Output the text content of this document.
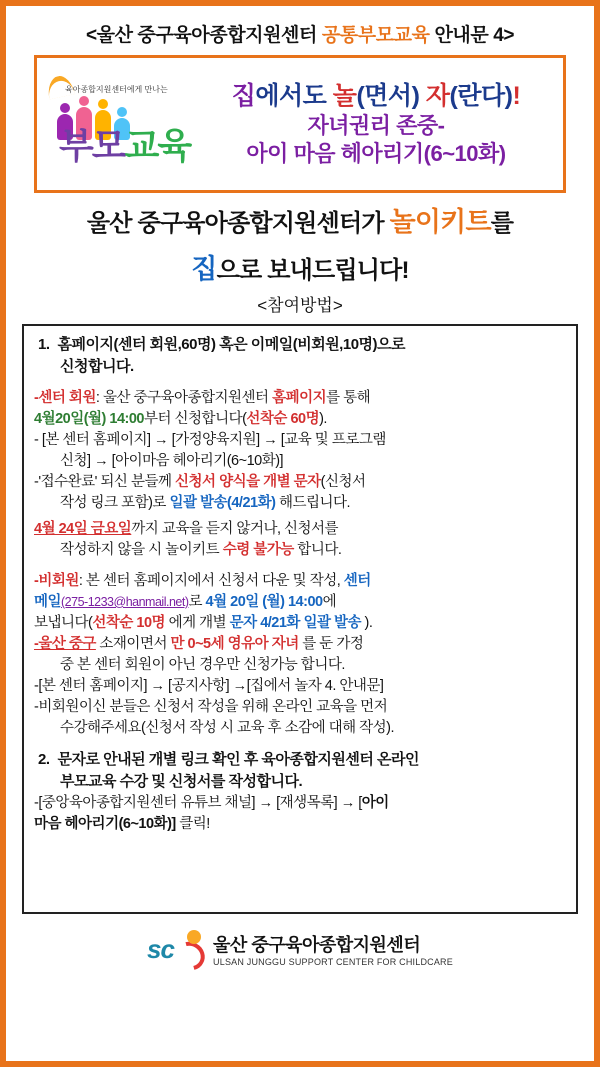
<울산 중구육아종합지원센터 공통부모교육 안내문 4>
육아종합지원센터에게 만나는
부모교육
집에서도 놀(면서) 자(란다)!
자녀권리 존중-
아이 마음 헤아리기(6~10화)
울산 중구육아종합지원센터가 놀이키트를
집으로 보내드립니다!
<참여방법>
1. 홈페이지(센터 회원,60명) 혹은 이메일(비회원,10명)으로
신청합니다.
-센터 회원: 울산 중구육아종합지원센터 홈페이지를 통해
4월20일(월) 14:00부터 신청합니다(선착순 60명).
- [본 센터 홈페이지] → [가정양육지원] → [교육 및 프로그램
신청] → [아이마음 헤아리기(6~10화)]
-'접수완료' 되신 분들께 신청서 양식을 개별 문자(신청서
작성 링크 포함)로 일괄 발송(4/21화) 해드립니다.
4월 24일 금요일까지 교육을 듣지 않거나, 신청서를
작성하지 않을 시 놀이키트 수령 불가능 합니다.
-비회원: 본 센터 홈페이지에서 신청서 다운 및 작성, 센터
메일(275-1233@hanmail.net)로 4월 20일 (월) 14:00에
보냅니다(선착순 10명 에게 개별 문자 4/21화 일괄 발송 ).
-울산 중구 소재이면서 만 0~5세 영유아 자녀 를 둔 가정
중 본 센터 회원이 아닌 경우만 신청가능 합니다.
-[본 센터 홈페이지] → [공지사항] →[집에서 놀자 4. 안내문]
-비회원이신 분들은 신청서 작성을 위해 온라인 교육을 먼저
수강해주세요(신청서 작성 시 교육 후 소감에 대해 작성).
2. 문자로 안내된 개별 링크 확인 후 육아종합지원센터 온라인
부모교육 수강 및 신청서를 작성합니다.
-[중앙육아종합지원센터 유튜브 채널] → [재생목록] → [아이
마음 헤아리기(6~10화)] 클릭!
sc 울산 중구육아종합지원센터
ULSAN JUNGGU SUPPORT CENTER FOR CHILDCARE
